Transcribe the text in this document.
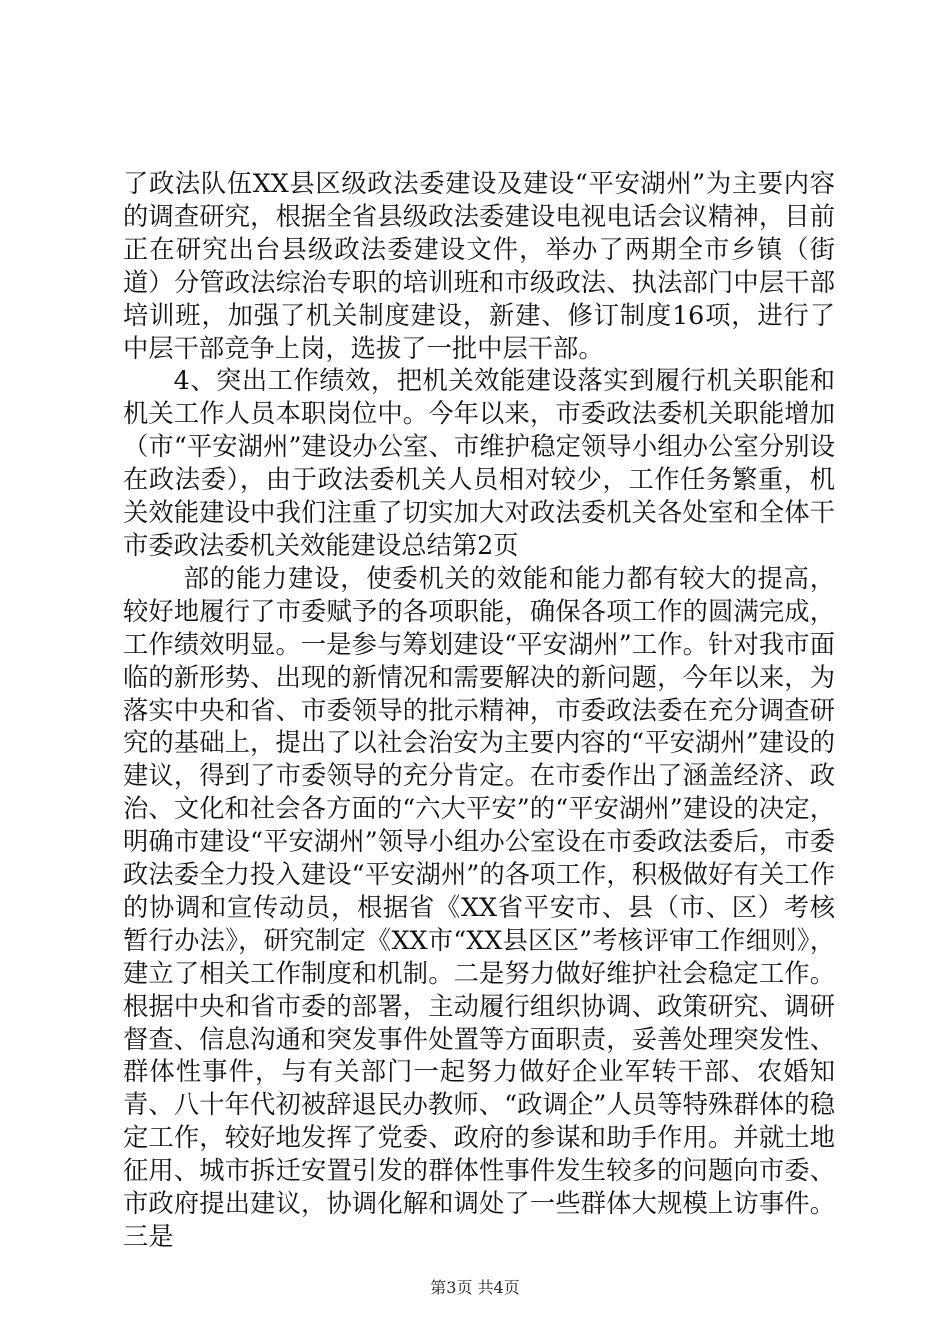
了政法队伍XX县区级政法委建设及建设“平安湖州”为主要内容的调查研究，根据全省县级政法委建设电视电话会议精神，目前正在研究出台县级政法委建设文件，举办了两期全市乡镇（街道）分管政法综治专职的培训班和市级政法、执法部门中层干部培训班，加强了机关制度建设，新建、修订制度16项，进行了中层干部竞争上岗，选拔了一批中层干部。

4、突出工作绩效，把机关效能建设落实到履行机关职能和机关工作人员本职岗位中。今年以来，市委政法委机关职能增加（市“平安湖州”建设办公室、市维护稳定领导小组办公室分别设在政法委），由于政法委机关人员相对较少，工作任务繁重，机关效能建设中我们注重了切实加大对政法委机关各处室和全体干市委政法委机关效能建设总结第2页

部的能力建设，使委机关的效能和能力都有较大的提高，较好地履行了市委赋予的各项职能，确保各项工作的圆满完成，工作绩效明显。一是参与筹划建设“平安湖州”工作。针对我市面临的新形势、出现的新情况和需要解决的新问题，今年以来，为落实中央和省、市委领导的批示精神，市委政法委在充分调查研究的基础上，提出了以社会治安为主要内容的“平安湖州”建设的建议，得到了市委领导的充分肯定。在市委作出了涵盖经济、政治、文化和社会各方面的“六大平安”的“平安湖州”建设的决定，明确市建设“平安湖州”领导小组办公室设在市委政法委后，市委政法委全力投入建设“平安湖州”的各项工作，积极做好有关工作的协调和宣传动员，根据省《XX省平安市、县（市、区）考核暂行办法》，研究制定《XX市“XX县区区”考核评审工作细则》，建立了相关工作制度和机制。二是努力做好维护社会稳定工作。根据中央和省市委的部署，主动履行组织协调、政策研究、调研督查、信息沟通和突发事件处置等方面职责，妥善处理突发性、群体性事件，与有关部门一起努力做好企业军转干部、农婚知青、八十年代初被辞退民办教师、“政调企”人员等特殊群体的稳定工作，较好地发挥了党委、政府的参谋和助手作用。并就土地征用、城市拆迁安置引发的群体性事件发生较多的问题向市委、市政府提出建议，协调化解和调处了一些群体大规模上访事件。三是

第3页 共4页
